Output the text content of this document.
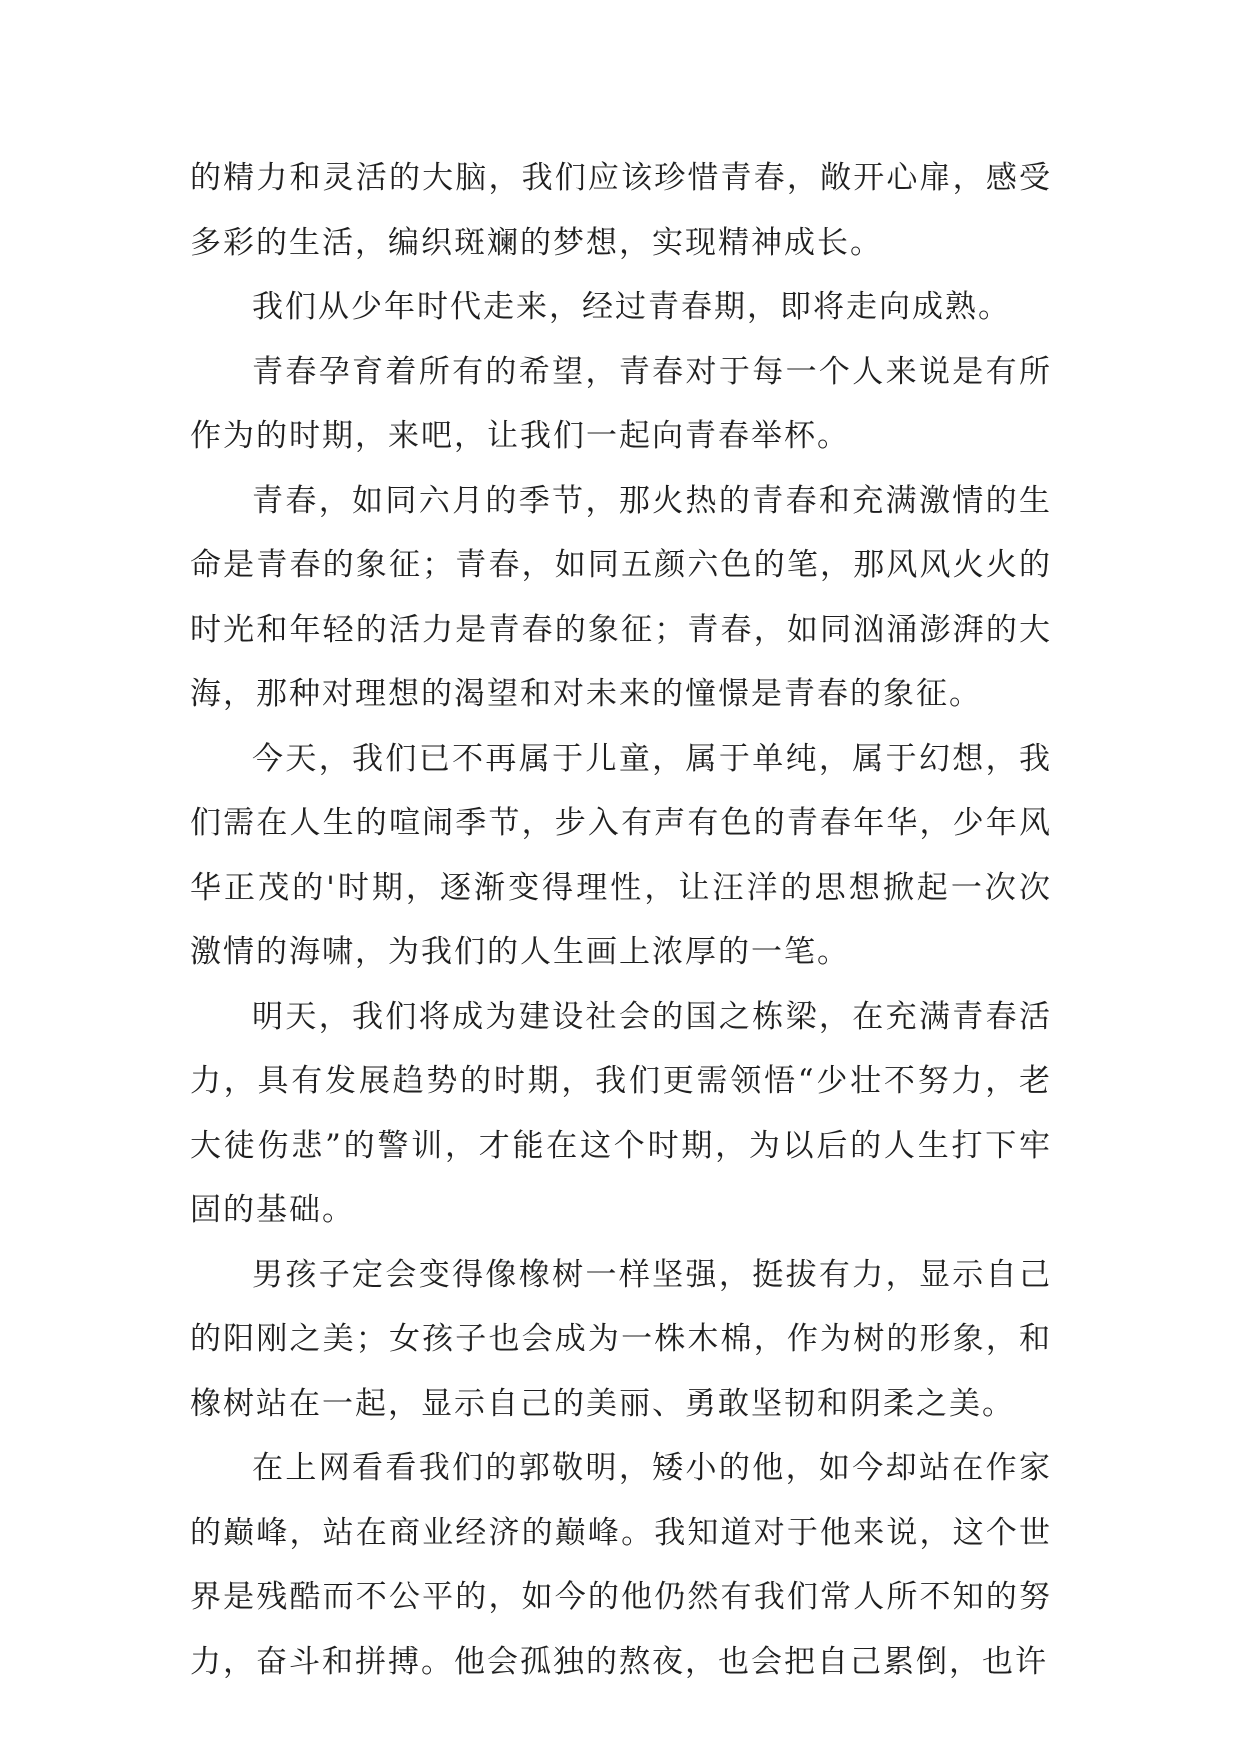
的精力和灵活的大脑，我们应该珍惜青春，敞开心扉，感受多彩的生活，编织斑斓的梦想，实现精神成长。

我们从少年时代走来，经过青春期，即将走向成熟。

青春孕育着所有的希望，青春对于每一个人来说是有所作为的时期，来吧，让我们一起向青春举杯。

青春，如同六月的季节，那火热的青春和充满激情的生命是青春的象征；青春，如同五颜六色的笔，那风风火火的时光和年轻的活力是青春的象征；青春，如同汹涌澎湃的大海，那种对理想的渴望和对未来的憧憬是青春的象征。

今天，我们已不再属于儿童，属于单纯，属于幻想，我们需在人生的喧闹季节，步入有声有色的青春年华，少年风华正茂的'时期，逐渐变得理性，让汪洋的思想掀起一次次激情的海啸，为我们的人生画上浓厚的一笔。

明天，我们将成为建设社会的国之栋梁，在充满青春活力，具有发展趋势的时期，我们更需领悟“少壮不努力，老大徒伤悲”的警训，才能在这个时期，为以后的人生打下牢固的基础。

男孩子定会变得像橡树一样坚强，挺拔有力，显示自己的阳刚之美；女孩子也会成为一株木棉，作为树的形象，和橡树站在一起，显示自己的美丽、勇敢坚韧和阴柔之美。

在上网看看我们的郭敬明，矮小的他，如今却站在作家的巅峰，站在商业经济的巅峰。我知道对于他来说，这个世界是残酷而不公平的，如今的他仍然有我们常人所不知的努力，奋斗和拼搏。他会孤独的熬夜，也会把自己累倒，也许
